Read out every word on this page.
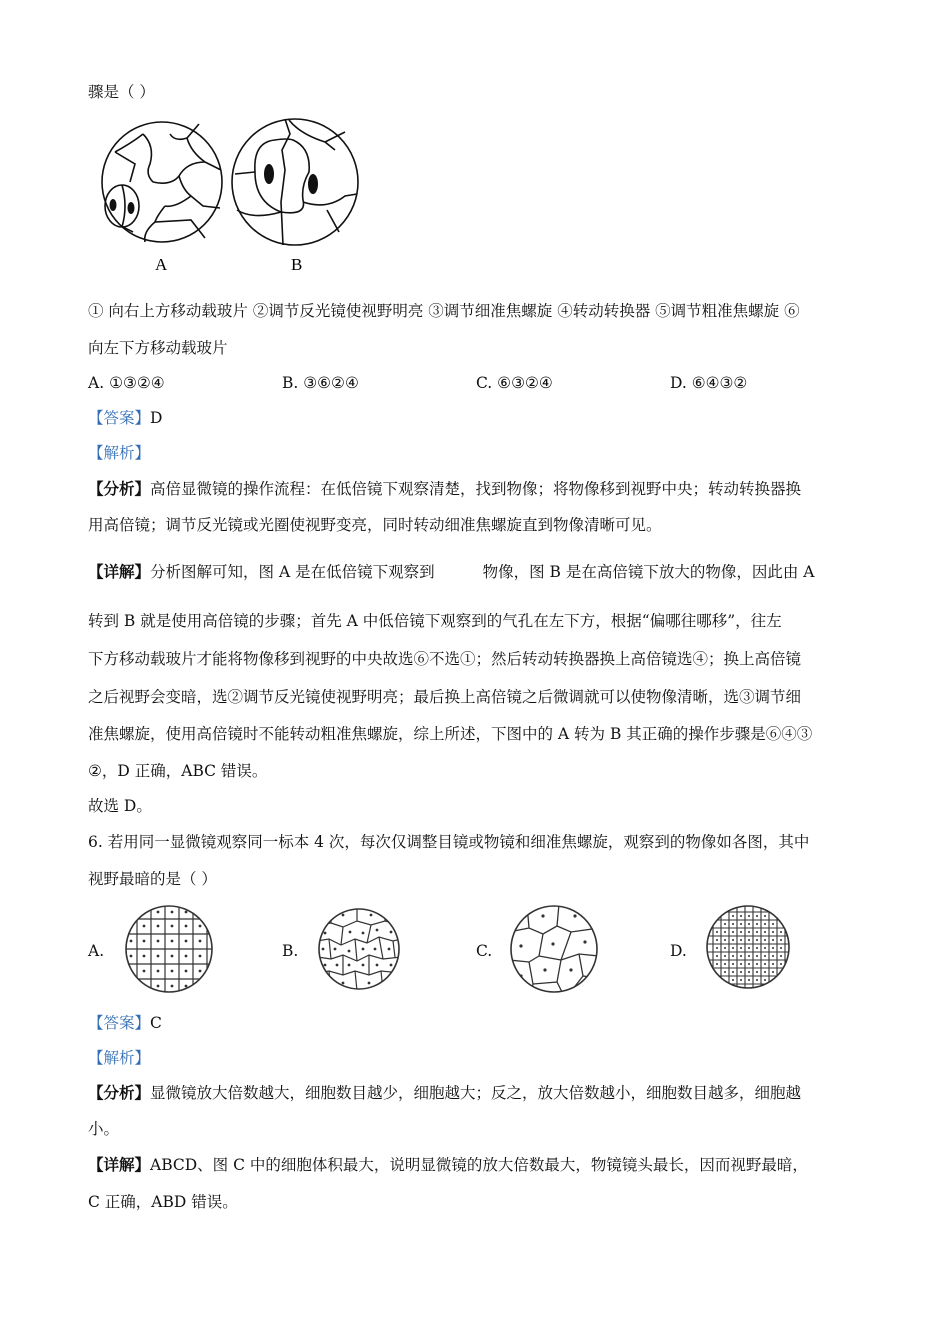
骤是（ ）
A	B
① 向右上方移动载玻片 ②调节反光镜使视野明亮 ③调节细准焦螺旋 ④转动转换器 ⑤调节粗准焦螺旋 ⑥
向左下方移动载玻片
A. ①③②④	B. ③⑥②④	C. ⑥③②④	D. ⑥④③②
【答案】D
【解析】
【分析】高倍显微镜的操作流程：在低倍镜下观察清楚，找到物像；将物像移到视野中央；转动转换器换
用高倍镜；调节反光镜或光圈使视野变亮，同时转动细准焦螺旋直到物像清晰可见。
【详解】分析图解可知，图 A 是在低倍镜下观察到	物像，图 B 是在高倍镜下放大的物像，因此由 A
转到 B 就是使用高倍镜的步骤；首先 A 中低倍镜下观察到的气孔在左下方，根据“偏哪往哪移”，往左
下方移动载玻片才能将物像移到视野的中央故选⑥不选①；然后转动转换器换上高倍镜选④；换上高倍镜
之后视野会变暗，选②调节反光镜使视野明亮；最后换上高倍镜之后微调就可以使物像清晰，选③调节细
准焦螺旋，使用高倍镜时不能转动粗准焦螺旋，综上所述，下图中的 A 转为 B 其正确的操作步骤是⑥④③
②，D 正确，ABC 错误。
故选 D。
6. 若用同一显微镜观察同一标本 4 次，每次仅调整目镜或物镜和细准焦螺旋，观察到的物像如各图，其中
视野最暗的是（ ）
A.	B.	C.	D.
【答案】C
【解析】
【分析】显微镜放大倍数越大，细胞数目越少，细胞越大；反之，放大倍数越小，细胞数目越多，细胞越
小。
【详解】ABCD、图 C 中的细胞体积最大，说明显微镜的放大倍数最大，物镜镜头最长，因而视野最暗，
C 正确，ABD 错误。
